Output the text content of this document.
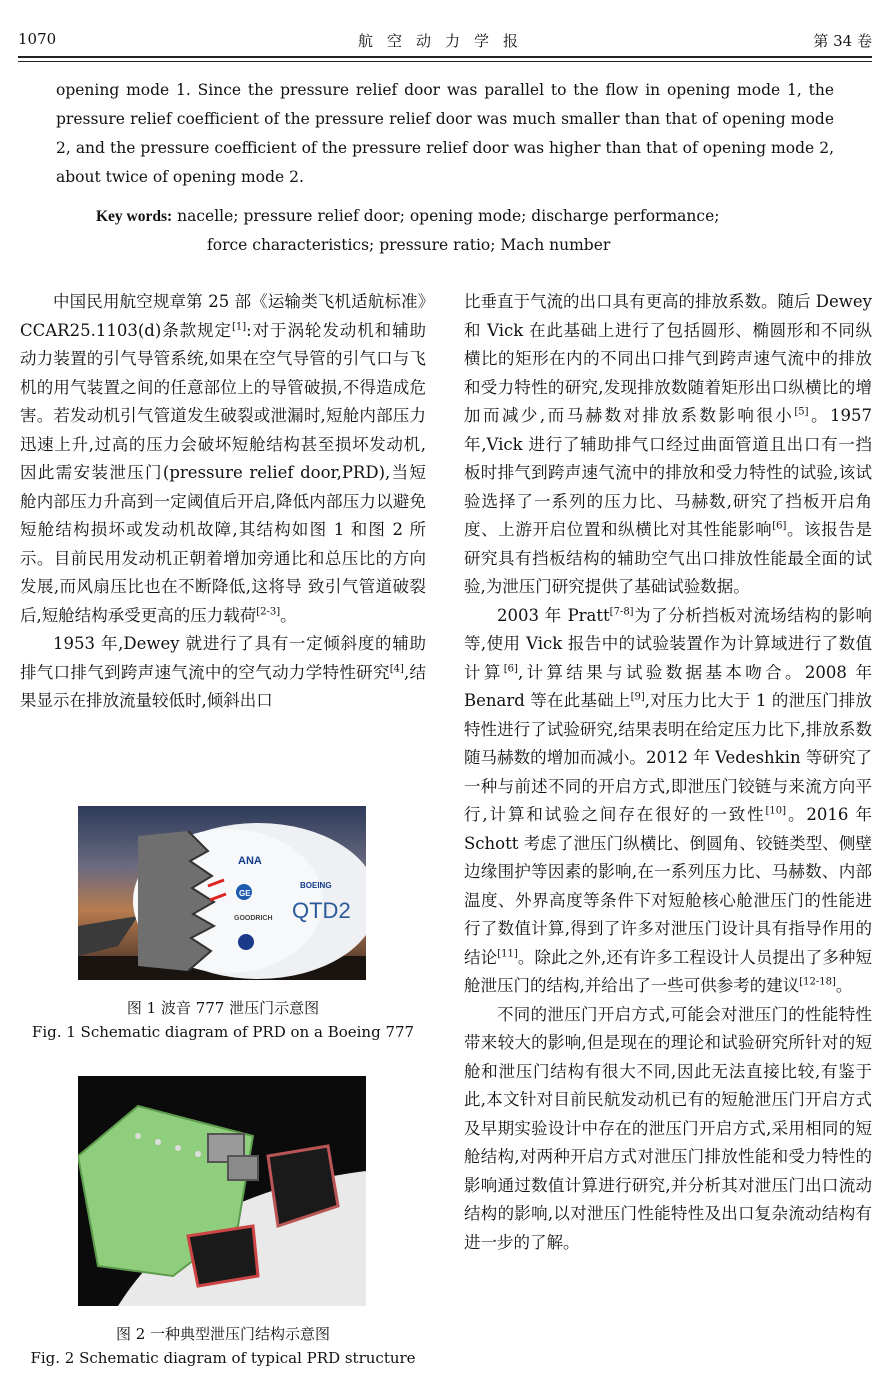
1070	航空动力学报	第 34 卷
opening mode 1. Since the pressure relief door was parallel to the flow in opening mode 1, the pressure relief coefficient of the pressure relief door was much smaller than that of opening mode 2, and the pressure coefficient of the pressure relief door was higher than that of opening mode 2, about twice of opening mode 2.
Key words: nacelle; pressure relief door; opening mode; discharge performance;
force characteristics; pressure ratio; Mach number

中国民用航空规章第 25 部《运输类飞机适航标准》CCAR25.1103(d)条款规定[1]:对于涡轮发动机和辅助动力装置的引气导管系统,如果在空气导管的引气口与飞机的用气装置之间的任意部位上的导管破损,不得造成危害。若发动机引气管道发生破裂或泄漏时,短舱内部压力迅速上升,过高的压力会破坏短舱结构甚至损坏发动机,因此需安装泄压门(pressure relief door,PRD),当短舱内部压力升高到一定阈值后开启,降低内部压力以避免短舱结构损坏或发动机故障,其结构如图 1 和图 2 所示。目前民用发动机正朝着增加旁通比和总压比的方向发展,而风扇压比也在不断降低,这将导 致引气管道破裂后,短舱结构承受更高的压力载荷[2-3]。

1953 年,Dewey 就进行了具有一定倾斜度的辅助排气口排气到跨声速气流中的空气动力学特性研究[4],结果显示在排放流量较低时,倾斜出口

ANA
GE
GOODRICH
BOEING
QTD2
图 1 波音 777 泄压门示意图
Fig. 1 Schematic diagram of PRD on a Boeing 777
图 2 一种典型泄压门结构示意图
Fig. 2 Schematic diagram of typical PRD structure

比垂直于气流的出口具有更高的排放系数。随后 Dewey 和 Vick 在此基础上进行了包括圆形、椭圆形和不同纵横比的矩形在内的不同出口排气到跨声速气流中的排放和受力特性的研究,发现排放数随着矩形出口纵横比的增加而减少,而马赫数对排放系数影响很小[5]。1957 年,Vick 进行了辅助排气口经过曲面管道且出口有一挡板时排气到跨声速气流中的排放和受力特性的试验,该试验选择了一系列的压力比、马赫数,研究了挡板开启角度、上游开启位置和纵横比对其性能影响[6]。该报告是研究具有挡板结构的辅助空气出口排放性能最全面的试验,为泄压门研究提供了基础试验数据。

2003 年 Pratt[7-8]为了分析挡板对流场结构的影响等,使用 Vick 报告中的试验装置作为计算域进行了数值计算[6],计算结果与试验数据基本吻合。2008 年 Benard 等在此基础上[9],对压力比大于 1 的泄压门排放特性进行了试验研究,结果表明在给定压力比下,排放系数随马赫数的增加而减小。2012 年 Vedeshkin 等研究了一种与前述不同的开启方式,即泄压门铰链与来流方向平行,计算和试验之间存在很好的一致性[10]。2016 年 Schott 考虑了泄压门纵横比、倒圆角、铰链类型、侧壁边缘围护等因素的影响,在一系列压力比、马赫数、内部温度、外界高度等条件下对短舱核心舱泄压门的性能进行了数值计算,得到了许多对泄压门设计具有指导作用的结论[11]。除此之外,还有许多工程设计人员提出了多种短舱泄压门的结构,并给出了一些可供参考的建议[12-18]。

不同的泄压门开启方式,可能会对泄压门的性能特性带来较大的影响,但是现在的理论和试验研究所针对的短舱和泄压门结构有很大不同,因此无法直接比较,有鉴于此,本文针对目前民航发动机已有的短舱泄压门开启方式及早期实验设计中存在的泄压门开启方式,采用相同的短舱结构,对两种开启方式对泄压门排放性能和受力特性的影响通过数值计算进行研究,并分析其对泄压门出口流动结构的影响,以对泄压门性能特性及出口复杂流动结构有进一步的了解。
